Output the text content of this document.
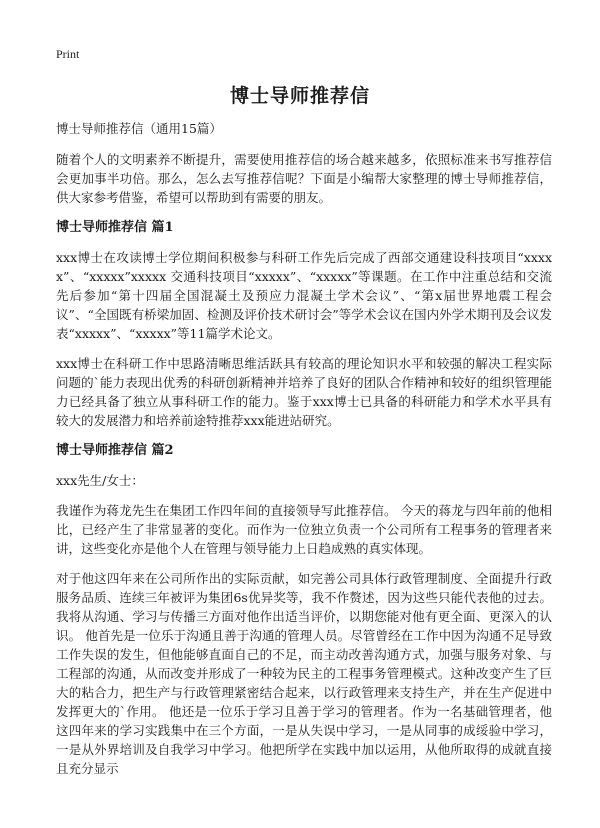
Print
博士导师推荐信
博士导师推荐信（通用15篇）

随着个人的文明素养不断提升，需要使用推荐信的场合越来越多，依照标准来书写推荐信会更加事半功倍。那么，怎么去写推荐信呢？下面是小编帮大家整理的博士导师推荐信，供大家参考借鉴，希望可以帮助到有需要的朋友。

博士导师推荐信 篇1

xxx博士在攻读博士学位期间积极参与科研工作先后完成了西部交通建设科技项目“xxxxx”、“xxxxx”xxxxx 交通科技项目“xxxxx”、“xxxxx”等课题。在工作中注重总结和交流先后参加“第十四届全国混凝土及预应力混凝土学术会议”、“第x届世界地震工程会议”、“全国既有桥梁加固、检测及评价技术研讨会”等学术会议在国内外学术期刊及会议发表“xxxxx”、“xxxxx”等11篇学术论文。

xxx博士在科研工作中思路清晰思维活跃具有较高的理论知识水平和较强的解决工程实际问题的`能力表现出优秀的科研创新精神并培养了良好的团队合作精神和较好的组织管理能力已经具备了独立从事科研工作的能力。鉴于xxx博士已具备的科研能力和学术水平具有较大的发展潜力和培养前途特推荐xxx能进站研究。

博士导师推荐信 篇2

xxx先生/女士：

我谨作为蒋龙先生在集团工作四年间的直接领导写此推荐信。 今天的蒋龙与四年前的他相比，已经产生了非常显著的变化。而作为一位独立负责一个公司所有工程事务的管理者来讲，这些变化亦是他个人在管理与领导能力上日趋成熟的真实体现。

对于他这四年来在公司所作出的实际贡献，如完善公司具体行政管理制度、全面提升行政服务品质、连续三年被评为集团6s优异奖等，我不作赘述，因为这些只能代表他的过去。我将从沟通、学习与传播三方面对他作出适当评价，以期您能对他有更全面、更深入的认识。 他首先是一位乐于沟通且善于沟通的管理人员。尽管曾经在工作中因为沟通不足导致工作失误的发生，但他能够直面自己的不足，而主动改善沟通方式，加强与服务对象、与工程部的沟通，从而改变并形成了一种较为民主的工程事务管理模式。这种改变产生了巨大的粘合力，把生产与行政管理紧密结合起来，以行政管理来支持生产，并在生产促进中发挥更大的`作用。 他还是一位乐于学习且善于学习的管理者。作为一名基础管理者，他这四年来的学习实践集中在三个方面，一是从失误中学习，一是从同事的成绥验中学习，一是从外界培训及自我学习中学习。他把所学在实践中加以运用，从他所取得的成就直接且充分显示
